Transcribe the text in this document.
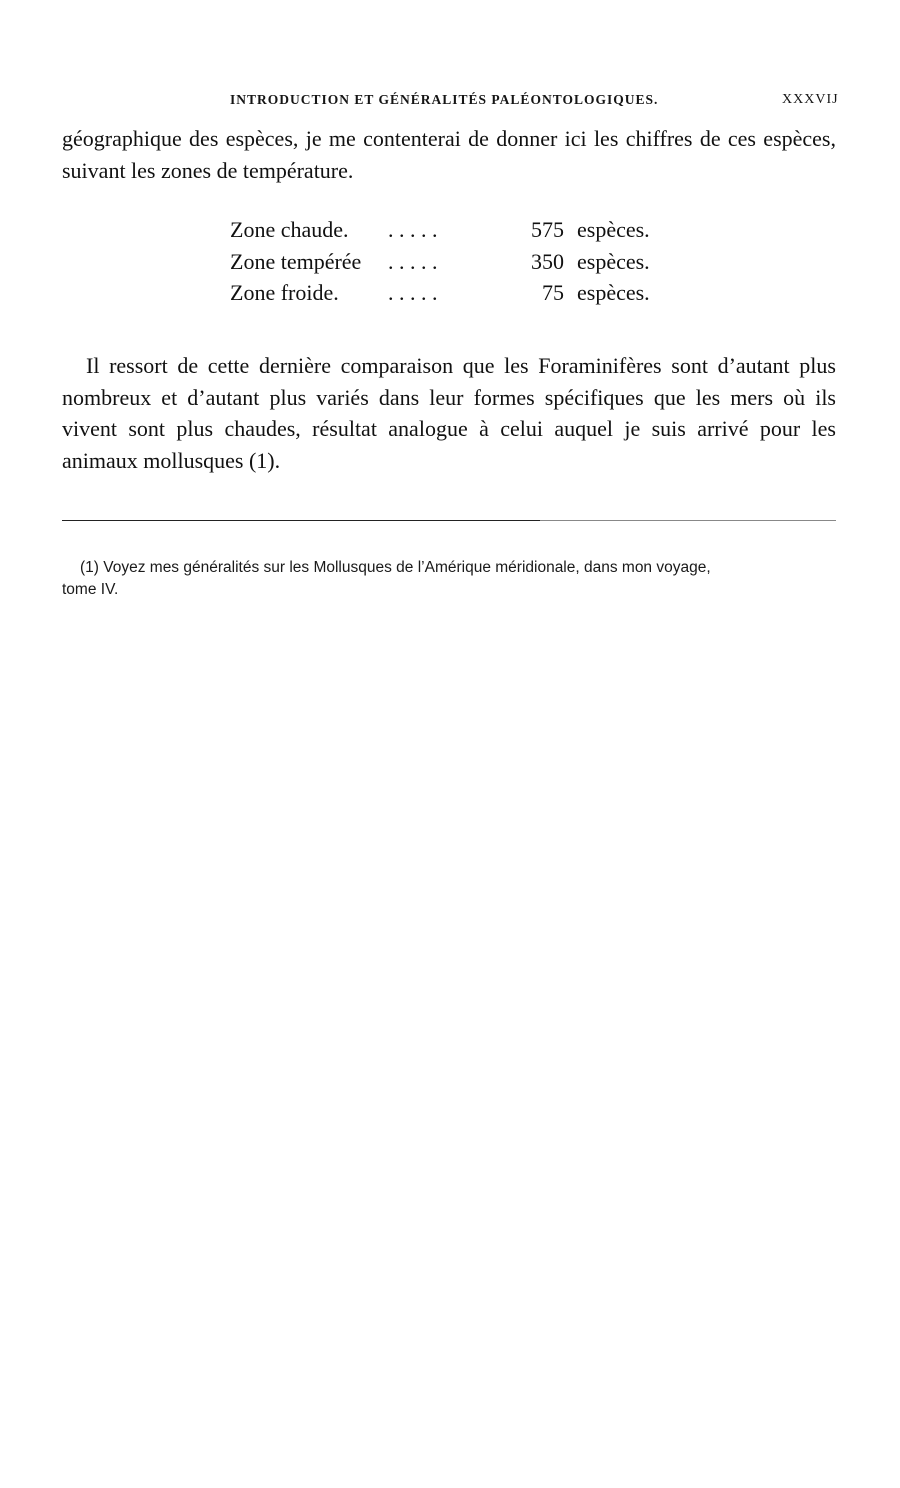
INTRODUCTION ET GÉNÉRALITÉS PALÉONTOLOGIQUES.	XXXVIJ

géographique des espèces, je me contenterai de donner ici les chiffres de ces espèces, suivant les zones de température.

Zone chaude.	. . . . .	575 espèces.
Zone tempérée	. . . . .	350 espèces.
Zone froide.	. . . . .	75 espèces.

Il ressort de cette dernière comparaison que les Foraminifères sont d’autant plus nombreux et d’autant plus variés dans leur formes spécifiques que les mers où ils vivent sont plus chaudes, résultat analogue à celui auquel je suis arrivé pour les animaux mollusques (1).

(1) Voyez mes généralités sur les Mollusques de l’Amérique méridionale, dans mon voyage,

tome IV.
